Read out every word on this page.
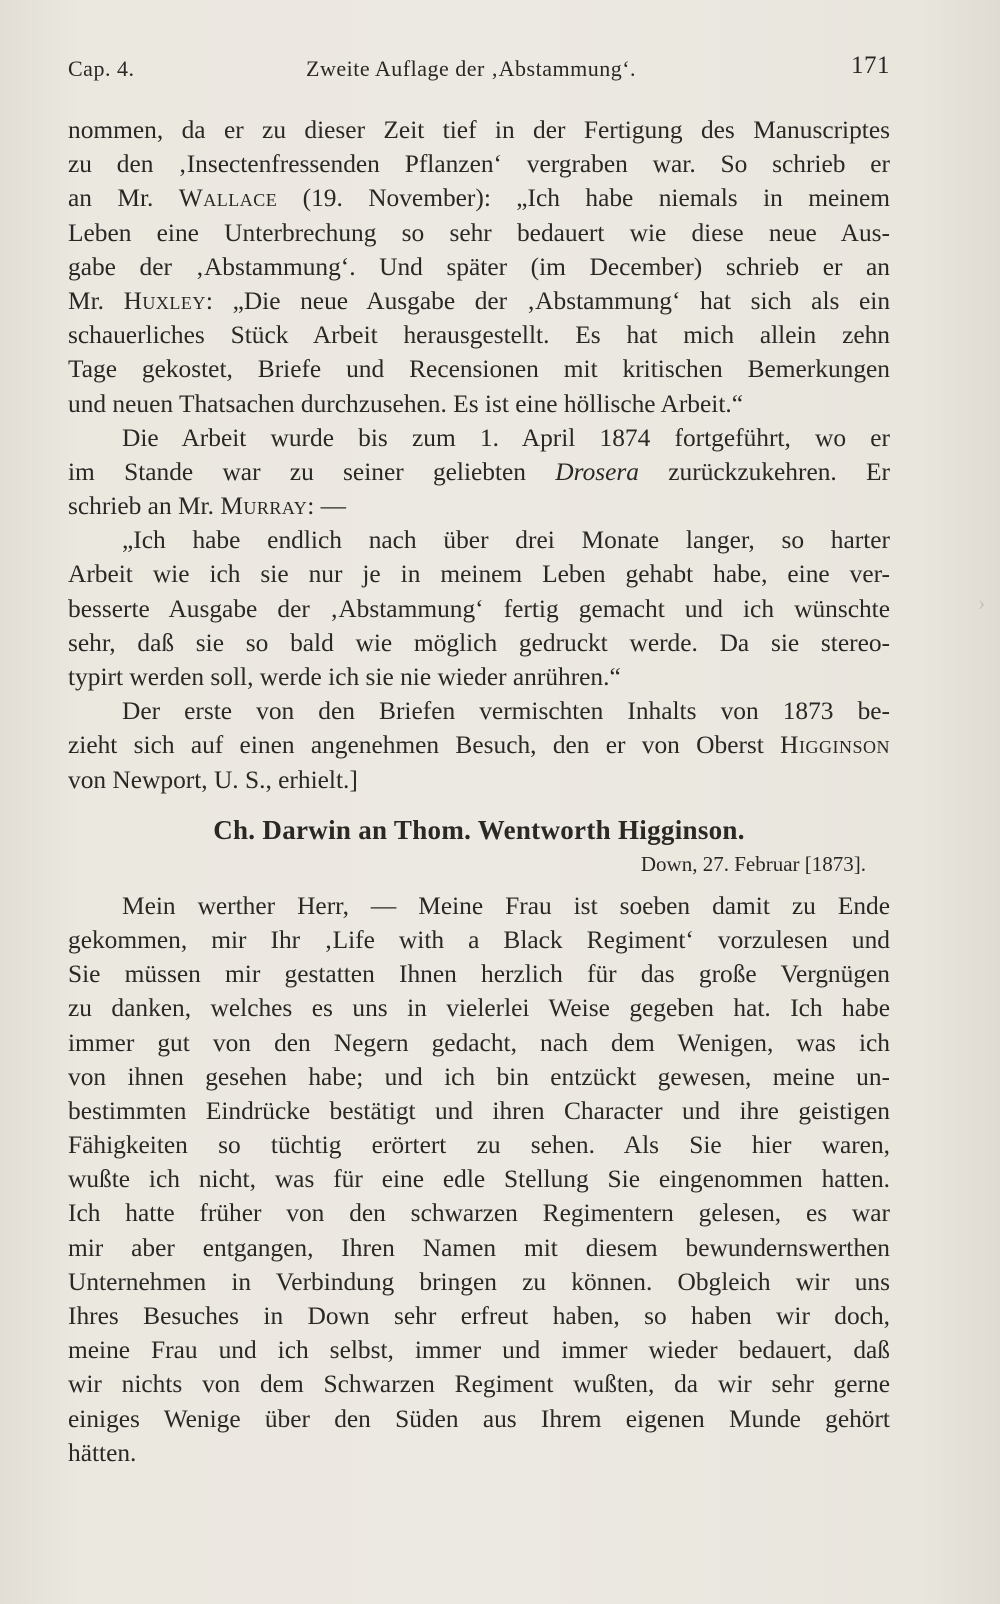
Cap. 4.	Zweite Auflage der ‚Abstammung‘.	171
nommen, da er zu dieser Zeit tief in der Fertigung des Manuscriptes
zu den ‚Insectenfressenden Pflanzen‘ vergraben war. So schrieb er
an Mr. Wallace (19. November): „Ich habe niemals in meinem
Leben eine Unterbrechung so sehr bedauert wie diese neue Aus-
gabe der ‚Abstammung‘. Und später (im December) schrieb er an
Mr. Huxley: „Die neue Ausgabe der ‚Abstammung‘ hat sich als ein
schauerliches Stück Arbeit herausgestellt. Es hat mich allein zehn
Tage gekostet, Briefe und Recensionen mit kritischen Bemerkungen
und neuen Thatsachen durchzusehen. Es ist eine höllische Arbeit.“
Die Arbeit wurde bis zum 1. April 1874 fortgeführt, wo er
im Stande war zu seiner geliebten Drosera zurückzukehren. Er
schrieb an Mr. Murray: —
„Ich habe endlich nach über drei Monate langer, so harter
Arbeit wie ich sie nur je in meinem Leben gehabt habe, eine ver-
besserte Ausgabe der ‚Abstammung‘ fertig gemacht und ich wünschte
sehr, daß sie so bald wie möglich gedruckt werde. Da sie stereo-
typirt werden soll, werde ich sie nie wieder anrühren.“
Der erste von den Briefen vermischten Inhalts von 1873 be-
zieht sich auf einen angenehmen Besuch, den er von Oberst Higginson
von Newport, U. S., erhielt.]
Ch. Darwin an Thom. Wentworth Higginson.
Down, 27. Februar [1873].
Mein werther Herr, — Meine Frau ist soeben damit zu Ende
gekommen, mir Ihr ‚Life with a Black Regiment‘ vorzulesen und
Sie müssen mir gestatten Ihnen herzlich für das große Vergnügen
zu danken, welches es uns in vielerlei Weise gegeben hat. Ich habe
immer gut von den Negern gedacht, nach dem Wenigen, was ich
von ihnen gesehen habe; und ich bin entzückt gewesen, meine un-
bestimmten Eindrücke bestätigt und ihren Character und ihre geistigen
Fähigkeiten so tüchtig erörtert zu sehen. Als Sie hier waren,
wußte ich nicht, was für eine edle Stellung Sie eingenommen hatten.
Ich hatte früher von den schwarzen Regimentern gelesen, es war
mir aber entgangen, Ihren Namen mit diesem bewundernswerthen
Unternehmen in Verbindung bringen zu können. Obgleich wir uns
Ihres Besuches in Down sehr erfreut haben, so haben wir doch,
meine Frau und ich selbst, immer und immer wieder bedauert, daß
wir nichts von dem Schwarzen Regiment wußten, da wir sehr gerne
einiges Wenige über den Süden aus Ihrem eigenen Munde gehört
hätten.
›
